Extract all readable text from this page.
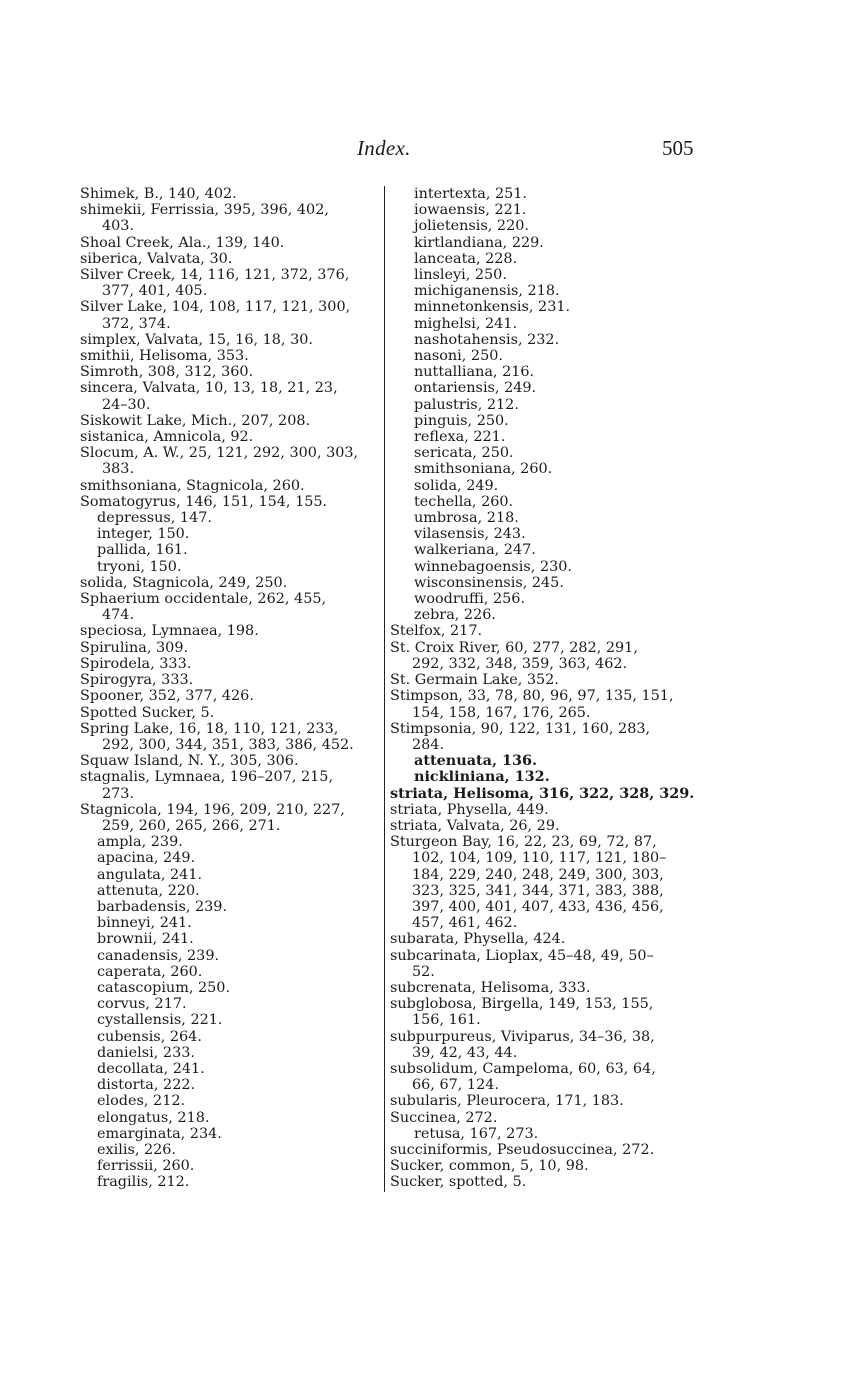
Index.	505
Shimek, B., 140, 402.
shimekii, Ferrissia, 395, 396, 402,
403.
Shoal Creek, Ala., 139, 140.
siberica, Valvata, 30.
Silver Creek, 14, 116, 121, 372, 376,
377, 401, 405.
Silver Lake, 104, 108, 117, 121, 300,
372, 374.
simplex, Valvata, 15, 16, 18, 30.
smithii, Helisoma, 353.
Simroth, 308, 312, 360.
sincera, Valvata, 10, 13, 18, 21, 23,
24–30.
Siskowit Lake, Mich., 207, 208.
sistanica, Amnicola, 92.
Slocum, A. W., 25, 121, 292, 300, 303,
383.
smithsoniana, Stagnicola, 260.
Somatogyrus, 146, 151, 154, 155.
depressus, 147.
integer, 150.
pallida, 161.
tryoni, 150.
solida, Stagnicola, 249, 250.
Sphaerium occidentale, 262, 455,
474.
speciosa, Lymnaea, 198.
Spirulina, 309.
Spirodela, 333.
Spirogyra, 333.
Spooner, 352, 377, 426.
Spotted Sucker, 5.
Spring Lake, 16, 18, 110, 121, 233,
292, 300, 344, 351, 383, 386, 452.
Squaw Island, N. Y., 305, 306.
stagnalis, Lymnaea, 196–207, 215,
273.
Stagnicola, 194, 196, 209, 210, 227,
259, 260, 265, 266, 271.
ampla, 239.
apacina, 249.
angulata, 241.
attenuta, 220.
barbadensis, 239.
binneyi, 241.
brownii, 241.
canadensis, 239.
caperata, 260.
catascopium, 250.
corvus, 217.
cystallensis, 221.
cubensis, 264.
danielsi, 233.
decollata, 241.
distorta, 222.
elodes, 212.
elongatus, 218.
emarginata, 234.
exilis, 226.
ferrissii, 260.
fragilis, 212.
intertexta, 251.
iowaensis, 221.
jolietensis, 220.
kirtlandiana, 229.
lanceata, 228.
linsleyi, 250.
michiganensis, 218.
minnetonkensis, 231.
mighelsi, 241.
nashotahensis, 232.
nasoni, 250.
nuttalliana, 216.
ontariensis, 249.
palustris, 212.
pinguis, 250.
reflexa, 221.
sericata, 250.
smithsoniana, 260.
solida, 249.
techella, 260.
umbrosa, 218.
vilasensis, 243.
walkeriana, 247.
winnebagoensis, 230.
wisconsinensis, 245.
woodruffi, 256.
zebra, 226.
Stelfox, 217.
St. Croix River, 60, 277, 282, 291,
292, 332, 348, 359, 363, 462.
St. Germain Lake, 352.
Stimpson, 33, 78, 80, 96, 97, 135, 151,
154, 158, 167, 176, 265.
Stimpsonia, 90, 122, 131, 160, 283,
284.
attenuata, 136.
nickliniana, 132.
striata, Helisoma, 316, 322, 328, 329.
striata, Physella, 449.
striata, Valvata, 26, 29.
Sturgeon Bay, 16, 22, 23, 69, 72, 87,
102, 104, 109, 110, 117, 121, 180–
184, 229, 240, 248, 249, 300, 303,
323, 325, 341, 344, 371, 383, 388,
397, 400, 401, 407, 433, 436, 456,
457, 461, 462.
subarata, Physella, 424.
subcarinata, Lioplax, 45–48, 49, 50–
52.
subcrenata, Helisoma, 333.
subglobosa, Birgella, 149, 153, 155,
156, 161.
subpurpureus, Viviparus, 34–36, 38,
39, 42, 43, 44.
subsolidum, Campeloma, 60, 63, 64,
66, 67, 124.
subularis, Pleurocera, 171, 183.
Succinea, 272.
retusa, 167, 273.
succiniformis, Pseudosuccinea, 272.
Sucker, common, 5, 10, 98.
Sucker, spotted, 5.
